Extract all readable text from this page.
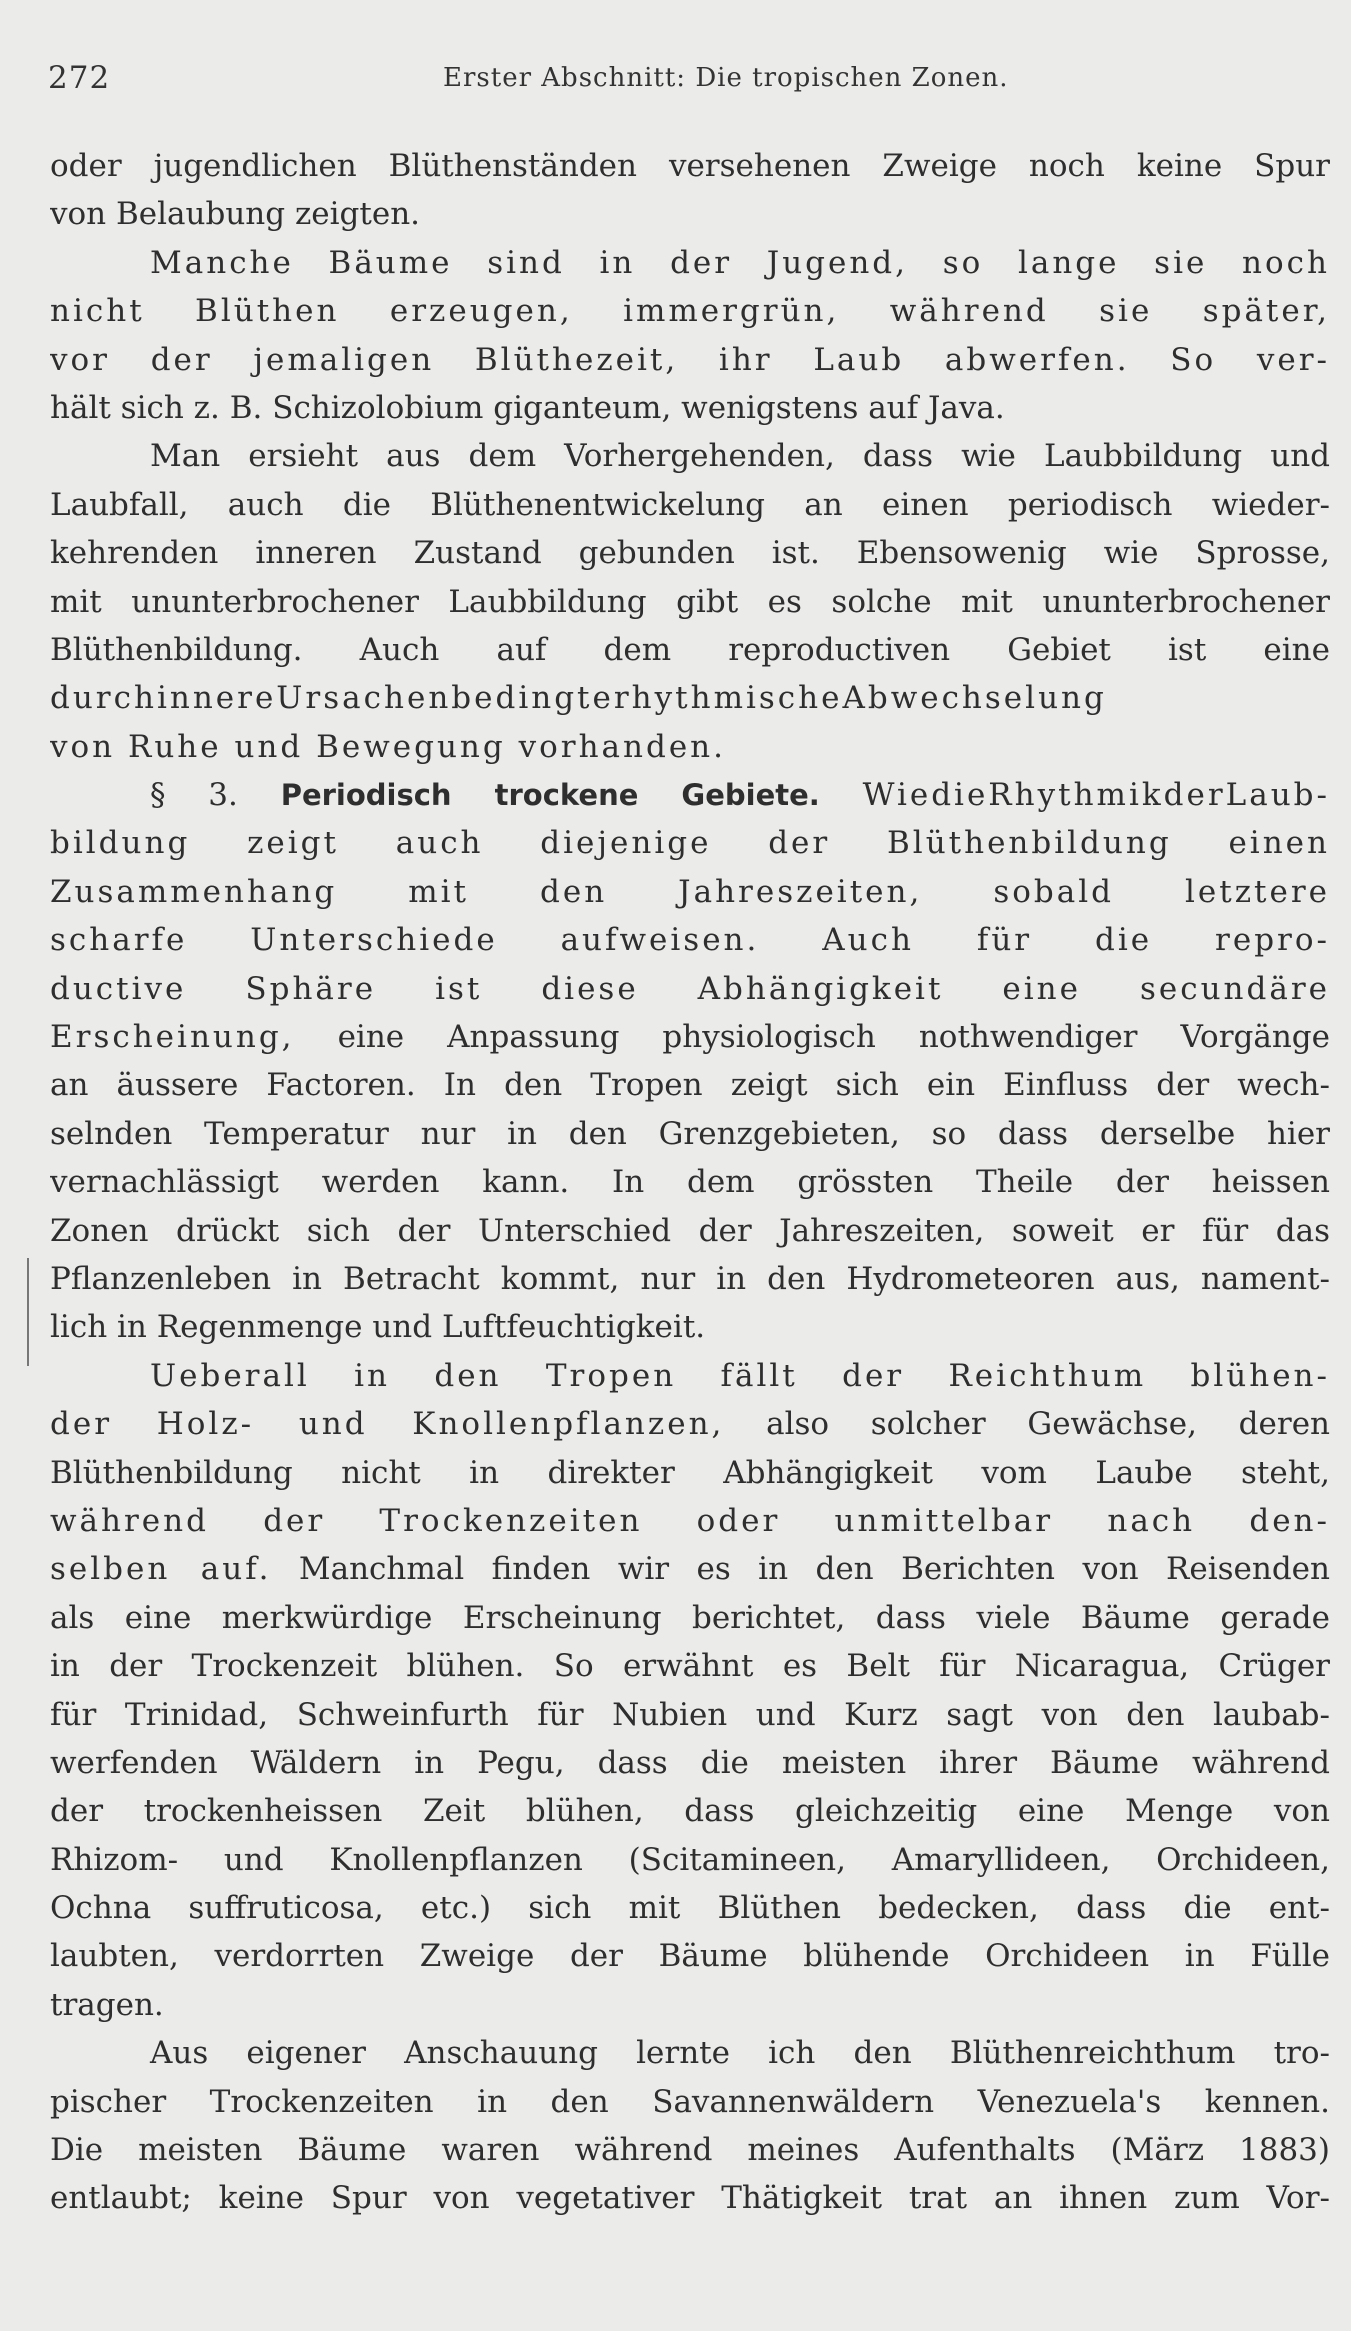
272	Erster Abschnitt: Die tropischen Zonen.
oder jugendlichen Blüthenständen versehenen Zweige noch keine Spur
von Belaubung zeigten.
Manche Bäume sind in der Jugend, so lange sie noch
nicht Blüthen erzeugen, immergrün, während sie später,
vor der jemaligen Blüthezeit, ihr Laub abwerfen. So ver-
hält sich z. B. Schizolobium giganteum, wenigstens auf Java.
Man ersieht aus dem Vorhergehenden, dass wie Laubbildung und
Laubfall, auch die Blüthenentwickelung an einen periodisch wieder-
kehrenden inneren Zustand gebunden ist. Ebensowenig wie Sprosse,
mit ununterbrochener Laubbildung gibt es solche mit ununterbrochener
Blüthenbildung. Auch auf dem reproductiven Gebiet ist eine
durchinnereUrsachenbedingterhythmischeAbwechselung
von Ruhe und Bewegung vorhanden.
§ 3. Periodisch trockene Gebiete. WiedieRhythmikderLaub-
bildung zeigt auch diejenige der Blüthenbildung einen
Zusammenhang mit den Jahreszeiten, sobald letztere
scharfe Unterschiede aufweisen. Auch für die repro-
ductive Sphäre ist diese Abhängigkeit eine secundäre
Erscheinung, eine Anpassung physiologisch nothwendiger Vorgänge
an äussere Factoren. In den Tropen zeigt sich ein Einfluss der wech-
selnden Temperatur nur in den Grenzgebieten, so dass derselbe hier
vernachlässigt werden kann. In dem grössten Theile der heissen
Zonen drückt sich der Unterschied der Jahreszeiten, soweit er für das
Pflanzenleben in Betracht kommt, nur in den Hydrometeoren aus, nament-
lich in Regenmenge und Luftfeuchtigkeit.
Ueberall in den Tropen fällt der Reichthum blühen-
der Holz- und Knollenpflanzen, also solcher Gewächse, deren
Blüthenbildung nicht in direkter Abhängigkeit vom Laube steht,
während der Trockenzeiten oder unmittelbar nach den-
selben auf. Manchmal finden wir es in den Berichten von Reisenden
als eine merkwürdige Erscheinung berichtet, dass viele Bäume gerade
in der Trockenzeit blühen. So erwähnt es Belt für Nicaragua, Crüger
für Trinidad, Schweinfurth für Nubien und Kurz sagt von den laubab-
werfenden Wäldern in Pegu, dass die meisten ihrer Bäume während
der trockenheissen Zeit blühen, dass gleichzeitig eine Menge von
Rhizom- und Knollenpflanzen (Scitamineen, Amaryllideen, Orchideen,
Ochna suffruticosa, etc.) sich mit Blüthen bedecken, dass die ent-
laubten, verdorrten Zweige der Bäume blühende Orchideen in Fülle
tragen.
Aus eigener Anschauung lernte ich den Blüthenreichthum tro-
pischer Trockenzeiten in den Savannenwäldern Venezuela's kennen.
Die meisten Bäume waren während meines Aufenthalts (März 1883)
entlaubt; keine Spur von vegetativer Thätigkeit trat an ihnen zum Vor-
